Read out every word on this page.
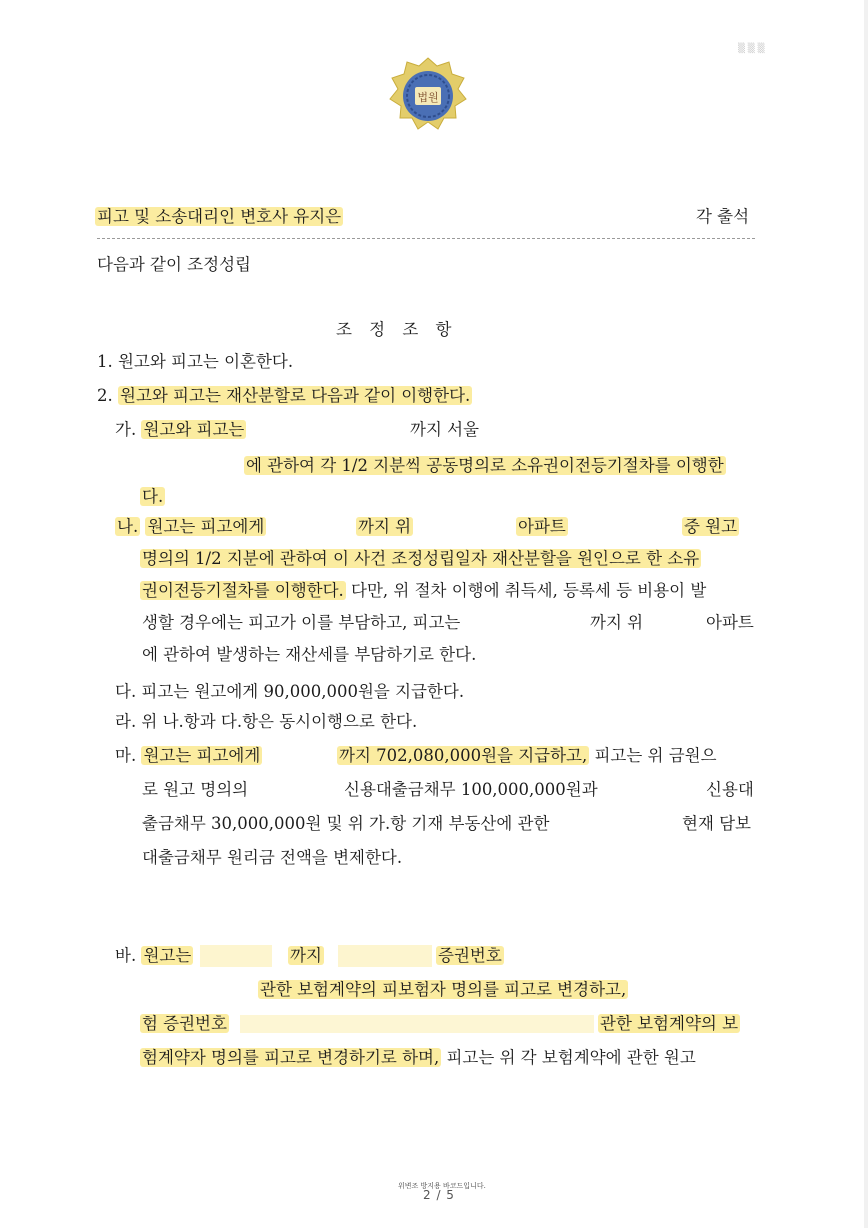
법원
▒ ▒ ▒
피고 및 소송대리인 변호사 유지은	각 출석
다음과 같이 조정성립
조 정 조 항
1. 원고와 피고는 이혼한다.
2. 원고와 피고는 재산분할로 다음과 같이 이행한다.
가. 원고와 피고는	까지 서울
에 관하여 각 1/2 지분씩 공동명의로 소유권이전등기절차를 이행한
다.
나. 원고는 피고에게	까지 위	아파트	중 원고
명의의 1/2 지분에 관하여 이 사건 조정성립일자 재산분할을 원인으로 한 소유
권이전등기절차를 이행한다. 다만, 위 절차 이행에 취득세, 등록세 등 비용이 발
생할 경우에는 피고가 이를 부담하고, 피고는	까지 위	아파트
에 관하여 발생하는 재산세를 부담하기로 한다.
다. 피고는 원고에게 90,000,000원을 지급한다.
라. 위 나.항과 다.항은 동시이행으로 한다.
마. 원고는 피고에게	까지 702,080,000원을 지급하고, 피고는 위 금원으
로 원고 명의의	신용대출금채무 100,000,000원과	신용대
출금채무 30,000,000원 및 위 가.항 기재 부동산에 관한	현재 담보
대출금채무 원리금 전액을 변제한다.
바. 원고는	까지	증권번호
관한 보험계약의 피보험자 명의를 피고로 변경하고,
험 증권번호	관한 보험계약의 보
험계약자 명의를 피고로 변경하기로 하며, 피고는 위 각 보험계약에 관한 원고
위변조 방지용 바코드입니다.
2 / 5
